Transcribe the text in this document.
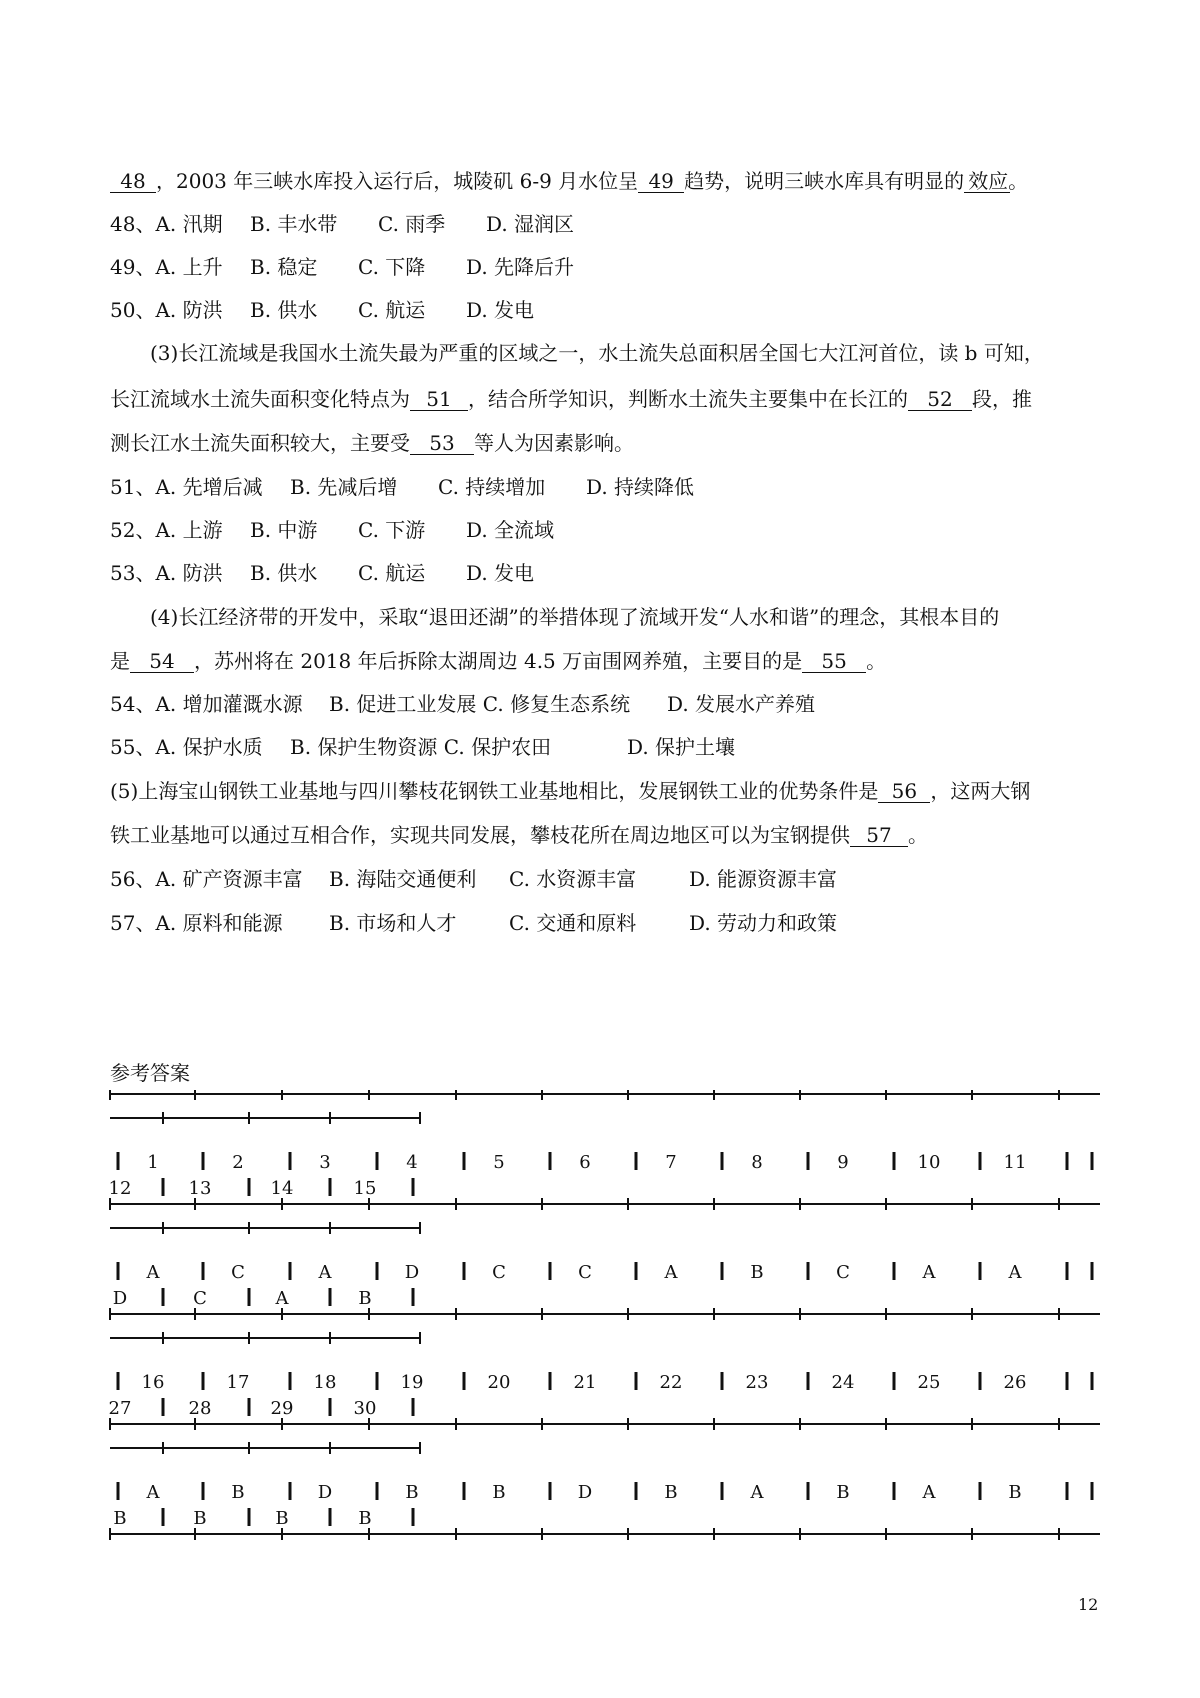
48 ，2003 年三峡水库投入运行后，城陵矶 6-9 月水位呈 49 趋势，说明三峡水库具有明显的 效应。
48、A. 汛期 B. 丰水带 C. 雨季 D. 湿润区
49、A. 上升 B. 稳定 C. 下降 D. 先降后升
50、A. 防洪 B. 供水 C. 航运 D. 发电
(3)长江流域是我国水土流失最为严重的区域之一，水土流失总面积居全国七大江河首位，读 b 可知，
长江流域水土流失面积变化特点为 51 ，结合所学知识，判断水土流失主要集中在长江的 52 段，推
测长江水土流失面积较大，主要受 53 等人为因素影响。
51、A. 先增后减 B. 先减后增 C. 持续增加 D. 持续降低
52、A. 上游 B. 中游 C. 下游 D. 全流域
53、A. 防洪 B. 供水 C. 航运 D. 发电
(4)长江经济带的开发中，采取“退田还湖”的举措体现了流域开发“人水和谐”的理念，其根本目的
是 54 ，苏州将在 2018 年后拆除太湖周边 4.5 万亩围网养殖，主要目的是 55 。
54、A. 增加灌溉水源 B. 促进工业发展 C. 修复生态系统 D. 发展水产养殖
55、A. 保护水质 B. 保护生物资源 C. 保护农田	D. 保护土壤
(5)上海宝山钢铁工业基地与四川攀枝花钢铁工业基地相比，发展钢铁工业的优势条件是 56 ，这两大钢
铁工业基地可以通过互相合作，实现共同发展，攀枝花所在周边地区可以为宝钢提供 57 。
56、A. 矿产资源丰富 B. 海陆交通便利 C. 水资源丰富	D. 能源资源丰富
57、A. 原料和能源 B. 市场和人才	C. 交通和原料	D. 劳动力和政策
参考答案
1	2	3	4	5	6	7	8	9	10	11
12	13	14	15
A	C	A	D	C	C	A	B	C	A	A
D	C	A	B
16	17	18	19	20	21	22	23	24	25	26
27	28	29	30
A	B	D	B	B	D	B	A	B	A	B
B	B	B	B
12
